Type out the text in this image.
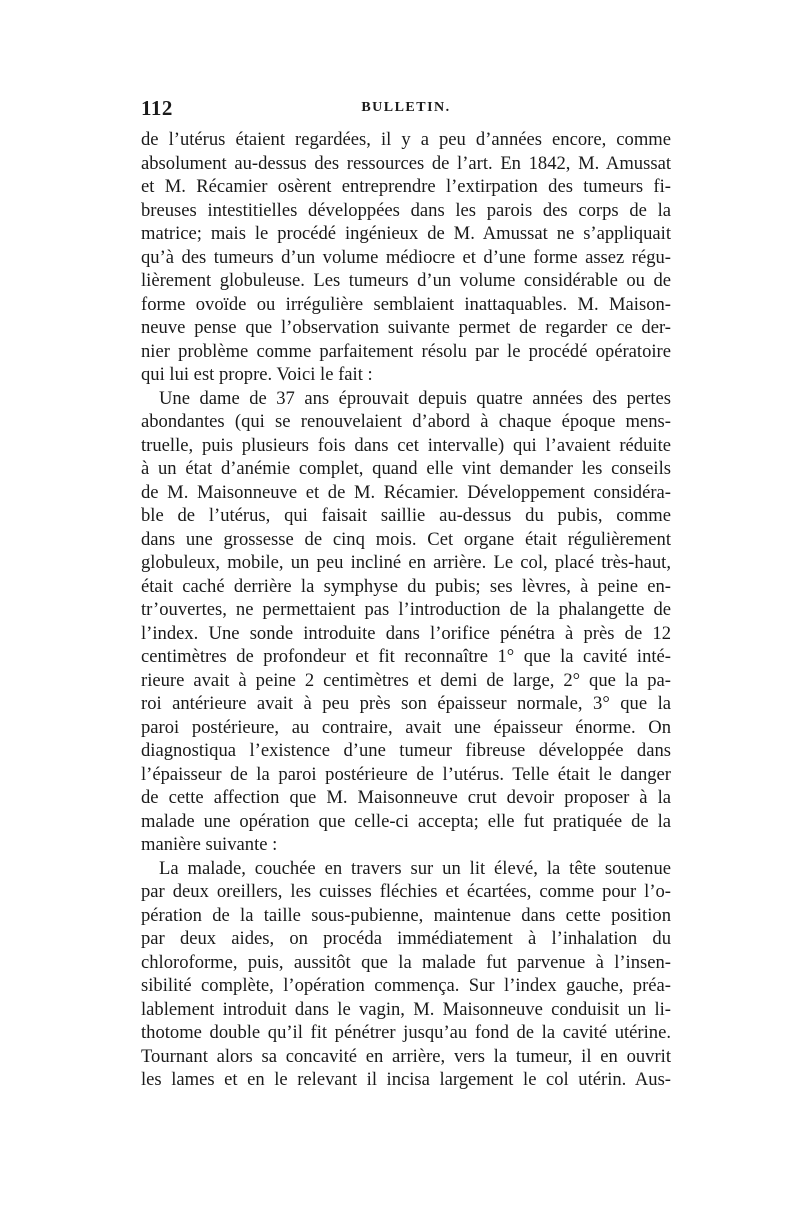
112	BULLETIN.
de l’utérus étaient regardées, il y a peu d’années encore, comme
absolument au-dessus des ressources de l’art. En 1842, M. Amussat
et M. Récamier osèrent entreprendre l’extirpation des tumeurs fi-
breuses intestitielles développées dans les parois des corps de la
matrice; mais le procédé ingénieux de M. Amussat ne s’appliquait
qu’à des tumeurs d’un volume médiocre et d’une forme assez régu-
lièrement globuleuse. Les tumeurs d’un volume considérable ou de
forme ovoïde ou irrégulière semblaient inattaquables. M. Maison-
neuve pense que l’observation suivante permet de regarder ce der-
nier problème comme parfaitement résolu par le procédé opératoire
qui lui est propre. Voici le fait :
Une dame de 37 ans éprouvait depuis quatre années des pertes
abondantes (qui se renouvelaient d’abord à chaque époque mens-
truelle, puis plusieurs fois dans cet intervalle) qui l’avaient réduite
à un état d’anémie complet, quand elle vint demander les conseils
de M. Maisonneuve et de M. Récamier. Développement considéra-
ble de l’utérus, qui faisait saillie au-dessus du pubis, comme
dans une grossesse de cinq mois. Cet organe était régulièrement
globuleux, mobile, un peu incliné en arrière. Le col, placé très-haut,
était caché derrière la symphyse du pubis; ses lèvres, à peine en-
tr’ouvertes, ne permettaient pas l’introduction de la phalangette de
l’index. Une sonde introduite dans l’orifice pénétra à près de 12
centimètres de profondeur et fit reconnaître 1° que la cavité inté-
rieure avait à peine 2 centimètres et demi de large, 2° que la pa-
roi antérieure avait à peu près son épaisseur normale, 3° que la
paroi postérieure, au contraire, avait une épaisseur énorme. On
diagnostiqua l’existence d’une tumeur fibreuse développée dans
l’épaisseur de la paroi postérieure de l’utérus. Telle était le danger
de cette affection que M. Maisonneuve crut devoir proposer à la
malade une opération que celle-ci accepta; elle fut pratiquée de la
manière suivante :
La malade, couchée en travers sur un lit élevé, la tête soutenue
par deux oreillers, les cuisses fléchies et écartées, comme pour l’o-
pération de la taille sous-pubienne, maintenue dans cette position
par deux aides, on procéda immédiatement à l’inhalation du
chloroforme, puis, aussitôt que la malade fut parvenue à l’insen-
sibilité complète, l’opération commença. Sur l’index gauche, préa-
lablement introduit dans le vagin, M. Maisonneuve conduisit un li-
thotome double qu’il fit pénétrer jusqu’au fond de la cavité utérine.
Tournant alors sa concavité en arrière, vers la tumeur, il en ouvrit
les lames et en le relevant il incisa largement le col utérin. Aus-
